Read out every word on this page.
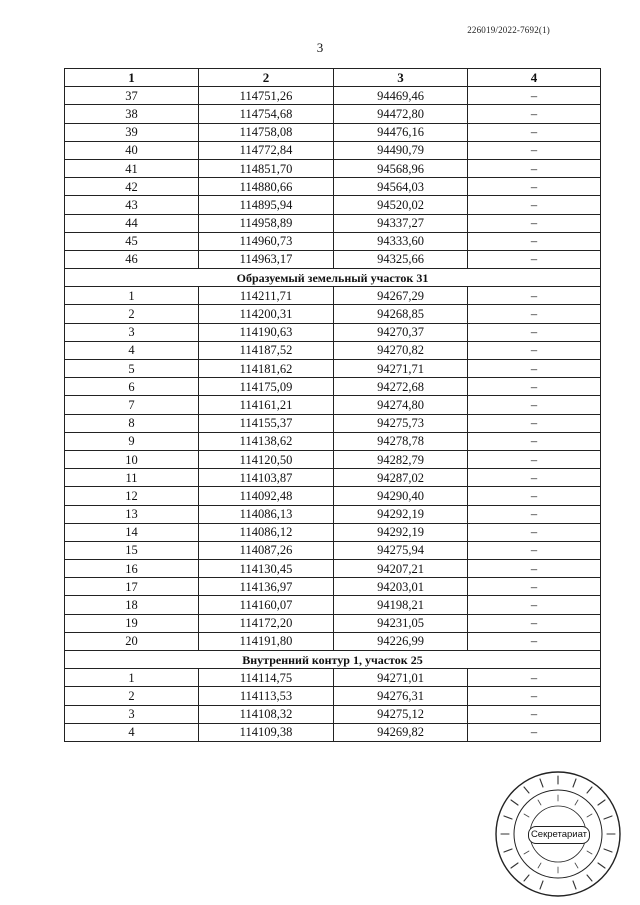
226019/2022-7692(1)
3
1	2	3	4
37	114751,26	94469,46	–
38	114754,68	94472,80	–
39	114758,08	94476,16	–
40	114772,84	94490,79	–
41	114851,70	94568,96	–
42	114880,66	94564,03	–
43	114895,94	94520,02	–
44	114958,89	94337,27	–
45	114960,73	94333,60	–
46	114963,17	94325,66	–
Образуемый земельный участок 31			
1	114211,71	94267,29	–
2	114200,31	94268,85	–
3	114190,63	94270,37	–
4	114187,52	94270,82	–
5	114181,62	94271,71	–
6	114175,09	94272,68	–
7	114161,21	94274,80	–
8	114155,37	94275,73	–
9	114138,62	94278,78	–
10	114120,50	94282,79	–
11	114103,87	94287,02	–
12	114092,48	94290,40	–
13	114086,13	94292,19	–
14	114086,12	94292,19	–
15	114087,26	94275,94	–
16	114130,45	94207,21	–
17	114136,97	94203,01	–
18	114160,07	94198,21	–
19	114172,20	94231,05	–
20	114191,80	94226,99	–
Внутренний контур 1, участок 25			
1	114114,75	94271,01	–
2	114113,53	94276,31	–
3	114108,32	94275,12	–
4	114109,38	94269,82	–
Секретариат
